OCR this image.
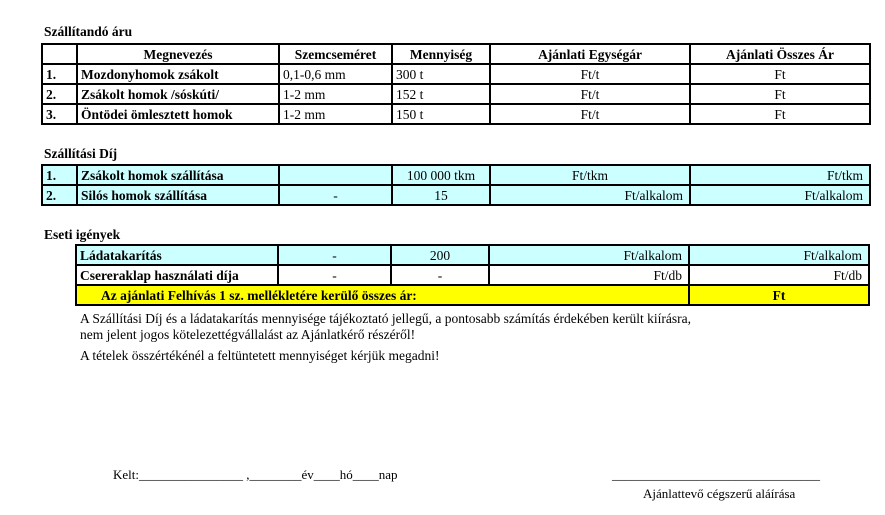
Szállítandó áru
	Megnevezés	Szemcseméret	Mennyiség	Ajánlati Egységár	Ajánlati Összes Ár
1.	Mozdonyhomok zsákolt	0,1-0,6 mm	300 t	Ft/t	Ft
2.	Zsákolt homok /sóskúti/	1-2 mm	152 t	Ft/t	Ft
3.	Öntödei ömlesztett homok	1-2 mm	150 t	Ft/t	Ft
Szállítási Díj
1.	Zsákolt homok szállítása		100 000 tkm	Ft/tkm	Ft/tkm
2.	Silós homok szállítása	-	15	Ft/alkalom	Ft/alkalom
Eseti igények
	Ládatakarítás	-	200	Ft/alkalom	Ft/alkalom
	Csereraklap használati díja	-	-	Ft/db	Ft/db
	Az ajánlati Felhívás 1 sz. mellékletére kerülő összes ár:				Ft
A Szállítási Díj és a ládatakarítás mennyisége tájékoztató jellegű, a pontosabb számítás érdekében került kiírásra,
nem jelent jogos kötelezettégvállalást az Ajánlatkérő részéről!
A tételek összértékénél a feltüntetett mennyiséget kérjük megadni!
Kelt:________________ ,________év____hó____nap	________________________________
Ajánlattevő cégszerű aláírása
